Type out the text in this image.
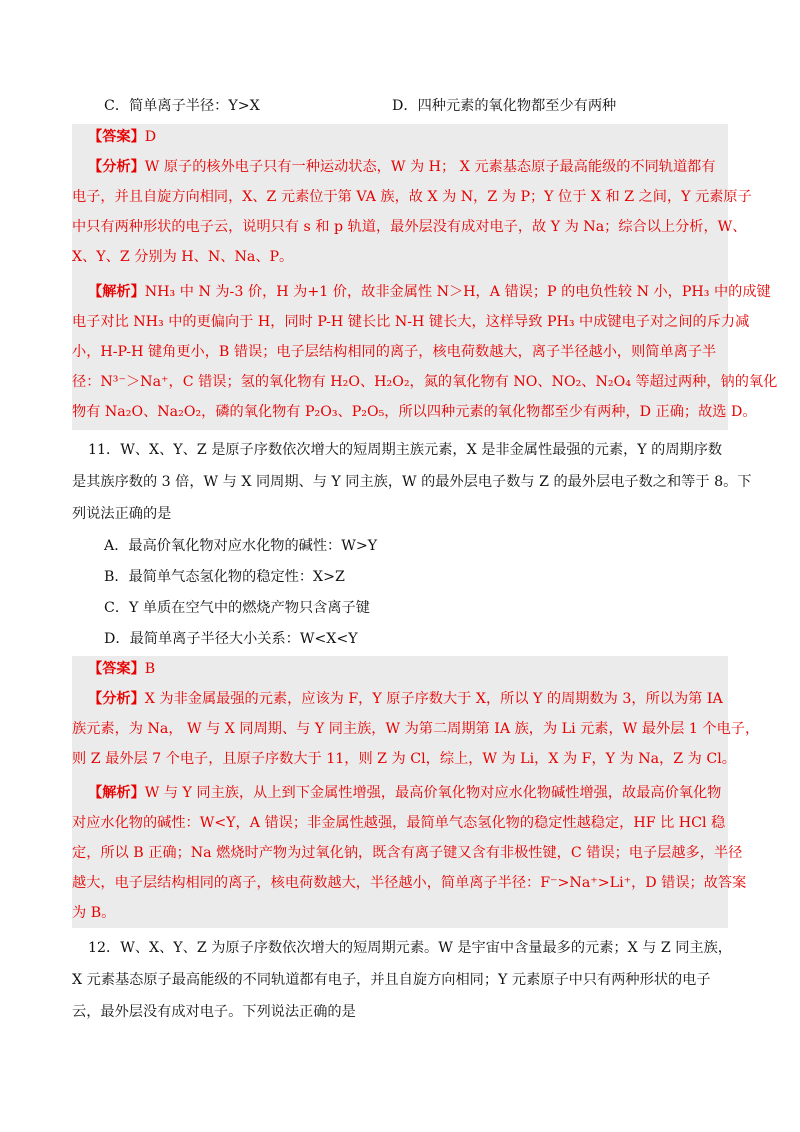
C．简单离子半径：Y>X	D．四种元素的氧化物都至少有两种
【答案】D
【分析】W 原子的核外电子只有一种运动状态，W 为 H； X 元素基态原子最高能级的不同轨道都有
电子，并且自旋方向相同，X、Z 元素位于第 VA 族，故 X 为 N，Z 为 P；Y 位于 X 和 Z 之间，Y 元素原子
中只有两种形状的电子云，说明只有 s 和 p 轨道，最外层没有成对电子，故 Y 为 Na；综合以上分析，W、
X、Y、Z 分别为 H、N、Na、P。
【解析】NH₃ 中 N 为-3 价，H 为+1 价，故非金属性 N＞H，A 错误；P 的电负性较 N 小，PH₃ 中的成键
电子对比 NH₃ 中的更偏向于 H，同时 P-H 键长比 N-H 键长大，这样导致 PH₃ 中成键电子对之间的斥力减
小，H-P-H 键角更小，B 错误；电子层结构相同的离子，核电荷数越大，离子半径越小，则简单离子半
径：N³⁻＞Na⁺，C 错误；氢的氧化物有 H₂O、H₂O₂，氮的氧化物有 NO、NO₂、N₂O₄ 等超过两种，钠的氧化
物有 Na₂O、Na₂O₂，磷的氧化物有 P₂O₃、P₂O₅，所以四种元素的氧化物都至少有两种，D 正确；故选 D。
11．W、X、Y、Z 是原子序数依次增大的短周期主族元素，X 是非金属性最强的元素，Y 的周期序数
是其族序数的 3 倍，W 与 X 同周期、与 Y 同主族，W 的最外层电子数与 Z 的最外层电子数之和等于 8。下
列说法正确的是
A．最高价氧化物对应水化物的碱性：W>Y
B．最简单气态氢化物的稳定性：X>Z
C．Y 单质在空气中的燃烧产物只含离子键
D．最简单离子半径大小关系：W<X<Y
【答案】B
【分析】X 为非金属最强的元素，应该为 F，Y 原子序数大于 X，所以 Y 的周期数为 3，所以为第 IA
族元素，为 Na， W 与 X 同周期、与 Y 同主族，W 为第二周期第 IA 族，为 Li 元素，W 最外层 1 个电子，
则 Z 最外层 7 个电子，且原子序数大于 11，则 Z 为 Cl，综上，W 为 Li，X 为 F，Y 为 Na，Z 为 Cl。
【解析】W 与 Y 同主族，从上到下金属性增强，最高价氧化物对应水化物碱性增强，故最高价氧化物
对应水化物的碱性：W<Y，A 错误；非金属性越强，最简单气态氢化物的稳定性越稳定，HF 比 HCl 稳
定，所以 B 正确；Na 燃烧时产物为过氧化钠，既含有离子键又含有非极性键，C 错误；电子层越多，半径
越大，电子层结构相同的离子，核电荷数越大，半径越小，简单离子半径：F⁻>Na⁺>Li⁺，D 错误；故答案
为 B。
12．W、X、Y、Z 为原子序数依次增大的短周期元素。W 是宇宙中含量最多的元素；X 与 Z 同主族，
X 元素基态原子最高能级的不同轨道都有电子，并且自旋方向相同；Y 元素原子中只有两种形状的电子
云，最外层没有成对电子。下列说法正确的是
